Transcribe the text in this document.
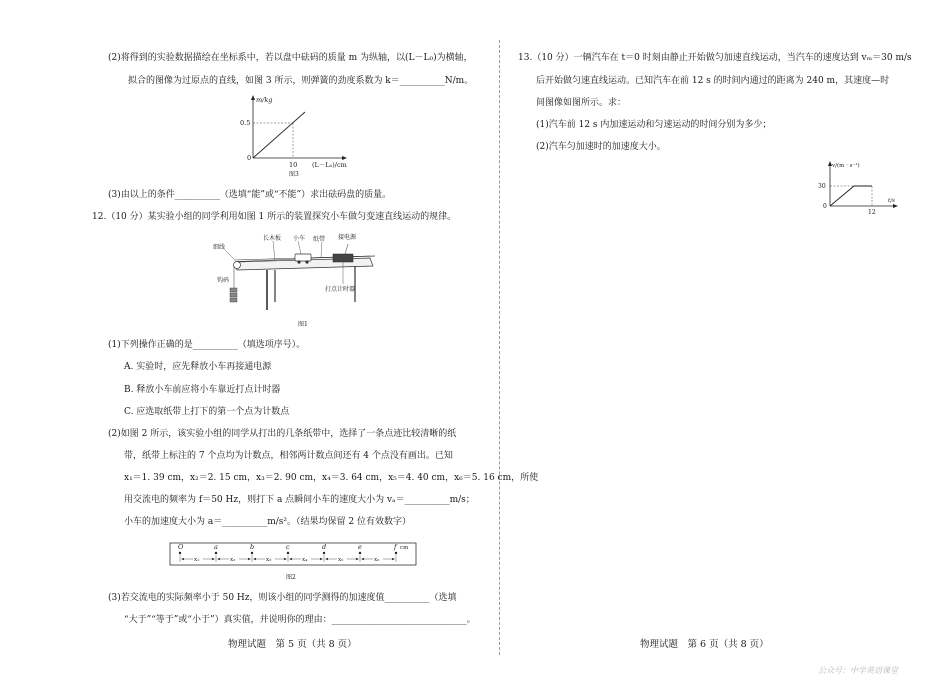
(2)将得到的实验数据描绘在坐标系中，若以盘中砝码的质量 m 为纵轴，以(L－L₀)为横轴，
拟合的图像为过原点的直线，如图 3 所示，则弹簧的劲度系数为 k＝__________N/m。
m/kg
0.5
0
10 (L－L₀)/cm
图3
(3)由以上的条件__________（选填“能”或“不能”）求出砝码盘的质量。
12.（10 分）某实验小组的同学利用如图 1 所示的装置探究小车做匀变速直线运动的规律。
细线
长木板 小车 纸带 接电源
钩码
打点计时器
图1
(1)下列操作正确的是__________（填选项序号）。
A. 实验时，应先释放小车再接通电源
B. 释放小车前应将小车靠近打点计时器
C. 应选取纸带上打下的第一个点为计数点
(2)如图 2 所示，该实验小组的同学从打出的几条纸带中，选择了一条点迹比较清晰的纸
带，纸带上标注的 7 个点均为计数点，相邻两计数点间还有 4 个点没有画出。已知
x₁＝1. 39 cm，x₂＝2. 15 cm，x₃＝2. 90 cm，x₄＝3. 64 cm，x₅＝4. 40 cm，x₆＝5. 16 cm，所使
用交流电的频率为 f＝50 Hz，则打下 a 点瞬间小车的速度大小为 vₐ＝__________m/s；
小车的加速度大小为 a＝__________m/s²。（结果均保留 2 位有效数字）
O	a	b	c	d	e	f
x₁	x₂	x₃	x₄	x₅	x₆
cm
图2
(3)若交流电的实际频率小于 50 Hz，则该小组的同学测得的加速度值__________（选填
“大于”“等于”或“小于”）真实值，并说明你的理由：______________________________。
物理试题　第 5 页（共 8 页）
13.（10 分）一辆汽车在 t＝0 时刻由静止开始做匀加速直线运动，当汽车的速度达到 vₘ＝30 m/s
后开始做匀速直线运动。已知汽车在前 12 s 的时间内通过的距离为 240 m，其速度—时
间图像如图所示。求：
(1)汽车前 12 s 内加速运动和匀速运动的时间分别为多少；
(2)汽车匀加速时的加速度大小。
v/(m · s⁻¹)
30
0
12
t/s
物理试题　第 6 页（共 8 页）
公众号：中学英语课堂
